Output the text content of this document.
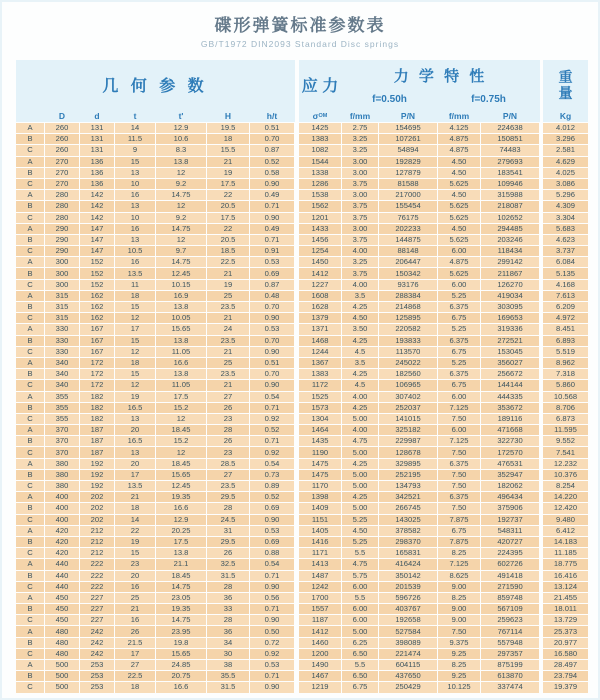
碟形弹簧标准参数表
GB/T1972 DIN2093 Standard Disc springs
几 何 参 数	应 力
力 学 特 性
f=0.50h	f=0.75h
重
量
D	d	t	t'	H	h/t	σ OM	f/mm	P/N	f/mm	P/N	Kg
A	260	131	14	12.9	19.5	0.51	1425	2.75	154695	4.125	224638	4.012
B	260	131	11.5	10.6	18	0.70	1383	3.25	107261	4.875	150851	3.296
C	260	131	9	8.3	15.5	0.87	1082	3.25	54894	4.875	74483	2.581
A	270	136	15	13.8	21	0.52	1544	3.00	192829	4.50	279693	4.629
B	270	136	13	12	19	0.58	1338	3.00	127879	4.50	183541	4.025
C	270	136	10	9.2	17.5	0.90	1286	3.75	81588	5.625	109946	3.086
A	280	142	16	14.75	22	0.49	1538	3.00	217000	4.50	315988	5.296
B	280	142	13	12	20.5	0.71	1562	3.75	155454	5.625	218087	4.309
C	280	142	10	9.2	17.5	0.90	1201	3.75	76175	5.625	102652	3.304
A	290	147	16	14.75	22	0.49	1433	3.00	202233	4.50	294485	5.683
B	290	147	13	12	20.5	0.71	1456	3.75	144875	5.625	203246	4.623
C	290	147	10.5	9.7	18.5	0.91	1254	4.00	88148	6.00	118434	3.737
A	300	152	16	14.75	22.5	0.53	1450	3.25	206447	4.875	299142	6.084
B	300	152	13.5	12.45	21	0.69	1412	3.75	150342	5.625	211867	5.135
C	300	152	11	10.15	19	0.87	1227	4.00	93176	6.00	126270	4.168
A	315	162	18	16.9	25	0.48	1608	3.5	288384	5.25	419034	7.613
B	315	162	15	13.8	23.5	0.70	1628	4.25	214868	6.375	303095	6.209
C	315	162	12	10.05	21	0.90	1379	4.50	125895	6.75	169653	4.972
A	330	167	17	15.65	24	0.53	1371	3.50	220582	5.25	319336	8.451
B	330	167	15	13.8	23.5	0.70	1468	4.25	193833	6.375	272521	6.893
C	330	167	12	11.05	21	0.90	1244	4.5	113570	6.75	153045	5.519
A	340	172	18	16.6	25	0.51	1367	3.5	245022	5.25	356027	8.962
B	340	172	15	13.8	23.5	0.70	1383	4.25	182560	6.375	256672	7.318
C	340	172	12	11.05	21	0.90	1172	4.5	106965	6.75	144144	5.860
A	355	182	19	17.5	27	0.54	1525	4.00	307402	6.00	444335	10.568
B	355	182	16.5	15.2	26	0.71	1573	4.25	252037	7.125	353672	8.706
C	355	182	13	12	23	0.92	1304	5.00	141015	7.50	189116	6.873
A	370	187	20	18.45	28	0.52	1464	4.00	325182	6.00	471668	11.595
B	370	187	16.5	15.2	26	0.71	1435	4.75	229987	7.125	322730	9.552
C	370	187	13	12	23	0.92	1190	5.00	128678	7.50	172570	7.541
A	380	192	20	18.45	28.5	0.54	1475	4.25	329895	6.375	476531	12.232
B	380	192	17	15.65	27	0.73	1475	5.00	252195	7.50	352947	10.376
C	380	192	13.5	12.45	23.5	0.89	1170	5.00	134793	7.50	182062	8.254
A	400	202	21	19.35	29.5	0.52	1398	4.25	342521	6.375	496434	14.220
B	400	202	18	16.6	28	0.69	1409	5.00	266745	7.50	375906	12.420
C	400	202	14	12.9	24.5	0.90	1151	5.25	143025	7.875	192737	9.480
A	420	212	22	20.25	31	0.53	1405	4.50	378582	6.75	548311	6.412
B	420	212	19	17.5	29.5	0.69	1416	5.25	298370	7.875	420727	14.183
C	420	212	15	13.8	26	0.88	1171	5.5	165831	8.25	224395	11.185
A	440	222	23	21.1	32.5	0.54	1413	4.75	416424	7.125	602726	18.775
B	440	222	20	18.45	31.5	0.71	1487	5.75	350142	8.625	491418	16.416
C	440	222	16	14.75	28	0.90	1242	6.00	201539	9.00	271590	13.124
A	450	227	25	23.05	36	0.56	1700	5.5	596726	8.25	859748	21.455
B	450	227	21	19.35	33	0.71	1557	6.00	403767	9.00	567109	18.011
C	450	227	16	14.75	28	0.90	1187	6.00	192658	9.00	259623	13.729
A	480	242	26	23.95	36	0.50	1412	5.00	527584	7.50	767114	25.373
B	480	242	21.5	19.8	34	0.72	1460	6.25	398089	9.375	557948	20.977
C	480	242	17	15.65	30	0.92	1200	6.50	221474	9.25	297357	16.580
A	500	253	27	24.85	38	0.53	1490	5.5	604115	8.25	875199	28.497
B	500	253	22.5	20.75	35.5	0.71	1467	6.50	437650	9.25	613870	23.794
C	500	253	18	16.6	31.5	0.90	1219	6.75	250429	10.125	337474	19.379
